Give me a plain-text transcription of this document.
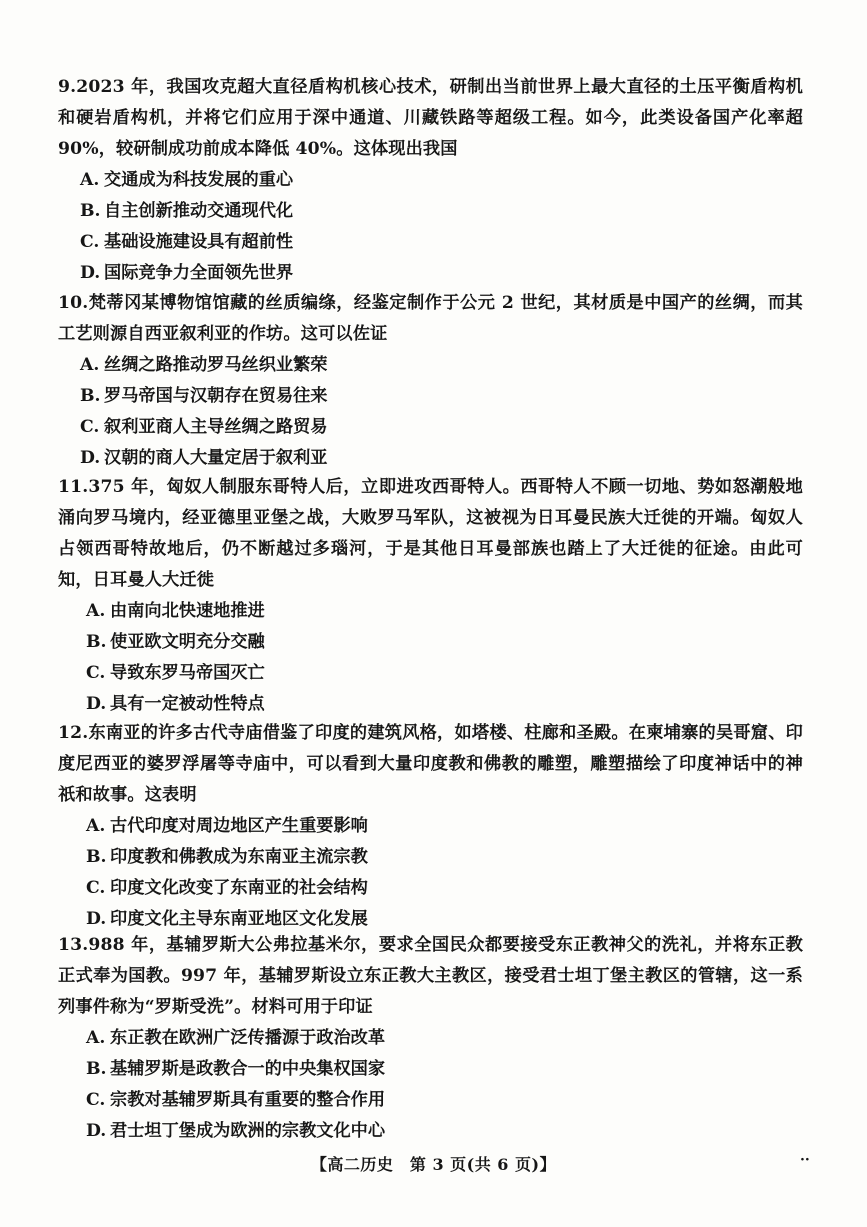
9.2023 年，我国攻克超大直径盾构机核心技术，研制出当前世界上最大直径的土压平衡盾构机和硬岩盾构机，并将它们应用于深中通道、川藏铁路等超级工程。如今，此类设备国产化率超 90%，较研制成功前成本降低 40%。这体现出我国
A. 交通成为科技发展的重心
B. 自主创新推动交通现代化
C. 基础设施建设具有超前性
D. 国际竞争力全面领先世界
10.梵蒂冈某博物馆馆藏的丝质编绦，经鉴定制作于公元 2 世纪，其材质是中国产的丝绸，而其工艺则源自西亚叙利亚的作坊。这可以佐证
A. 丝绸之路推动罗马丝织业繁荣
B. 罗马帝国与汉朝存在贸易往来
C. 叙利亚商人主导丝绸之路贸易
D. 汉朝的商人大量定居于叙利亚
11.375 年，匈奴人制服东哥特人后，立即进攻西哥特人。西哥特人不顾一切地、势如怒潮般地涌向罗马境内，经亚德里亚堡之战，大败罗马军队，这被视为日耳曼民族大迁徙的开端。匈奴人占领西哥特故地后，仍不断越过多瑙河，于是其他日耳曼部族也踏上了大迁徙的征途。由此可知，日耳曼人大迁徙
A. 由南向北快速地推进
B. 使亚欧文明充分交融
C. 导致东罗马帝国灭亡
D. 具有一定被动性特点
12.东南亚的许多古代寺庙借鉴了印度的建筑风格，如塔楼、柱廊和圣殿。在柬埔寨的吴哥窟、印度尼西亚的婆罗浮屠等寺庙中，可以看到大量印度教和佛教的雕塑，雕塑描绘了印度神话中的神祇和故事。这表明
A. 古代印度对周边地区产生重要影响
B. 印度教和佛教成为东南亚主流宗教
C. 印度文化改变了东南亚的社会结构
D. 印度文化主导东南亚地区文化发展
13.988 年，基辅罗斯大公弗拉基米尔，要求全国民众都要接受东正教神父的洗礼，并将东正教正式奉为国教。997 年，基辅罗斯设立东正教大主教区，接受君士坦丁堡主教区的管辖，这一系列事件称为“罗斯受洗”。材料可用于印证
A. 东正教在欧洲广泛传播源于政治改革
B. 基辅罗斯是政教合一的中央集权国家
C. 宗教对基辅罗斯具有重要的整合作用
D. 君士坦丁堡成为欧洲的宗教文化中心
【高二历史　第 3 页(共 6 页)】	··
